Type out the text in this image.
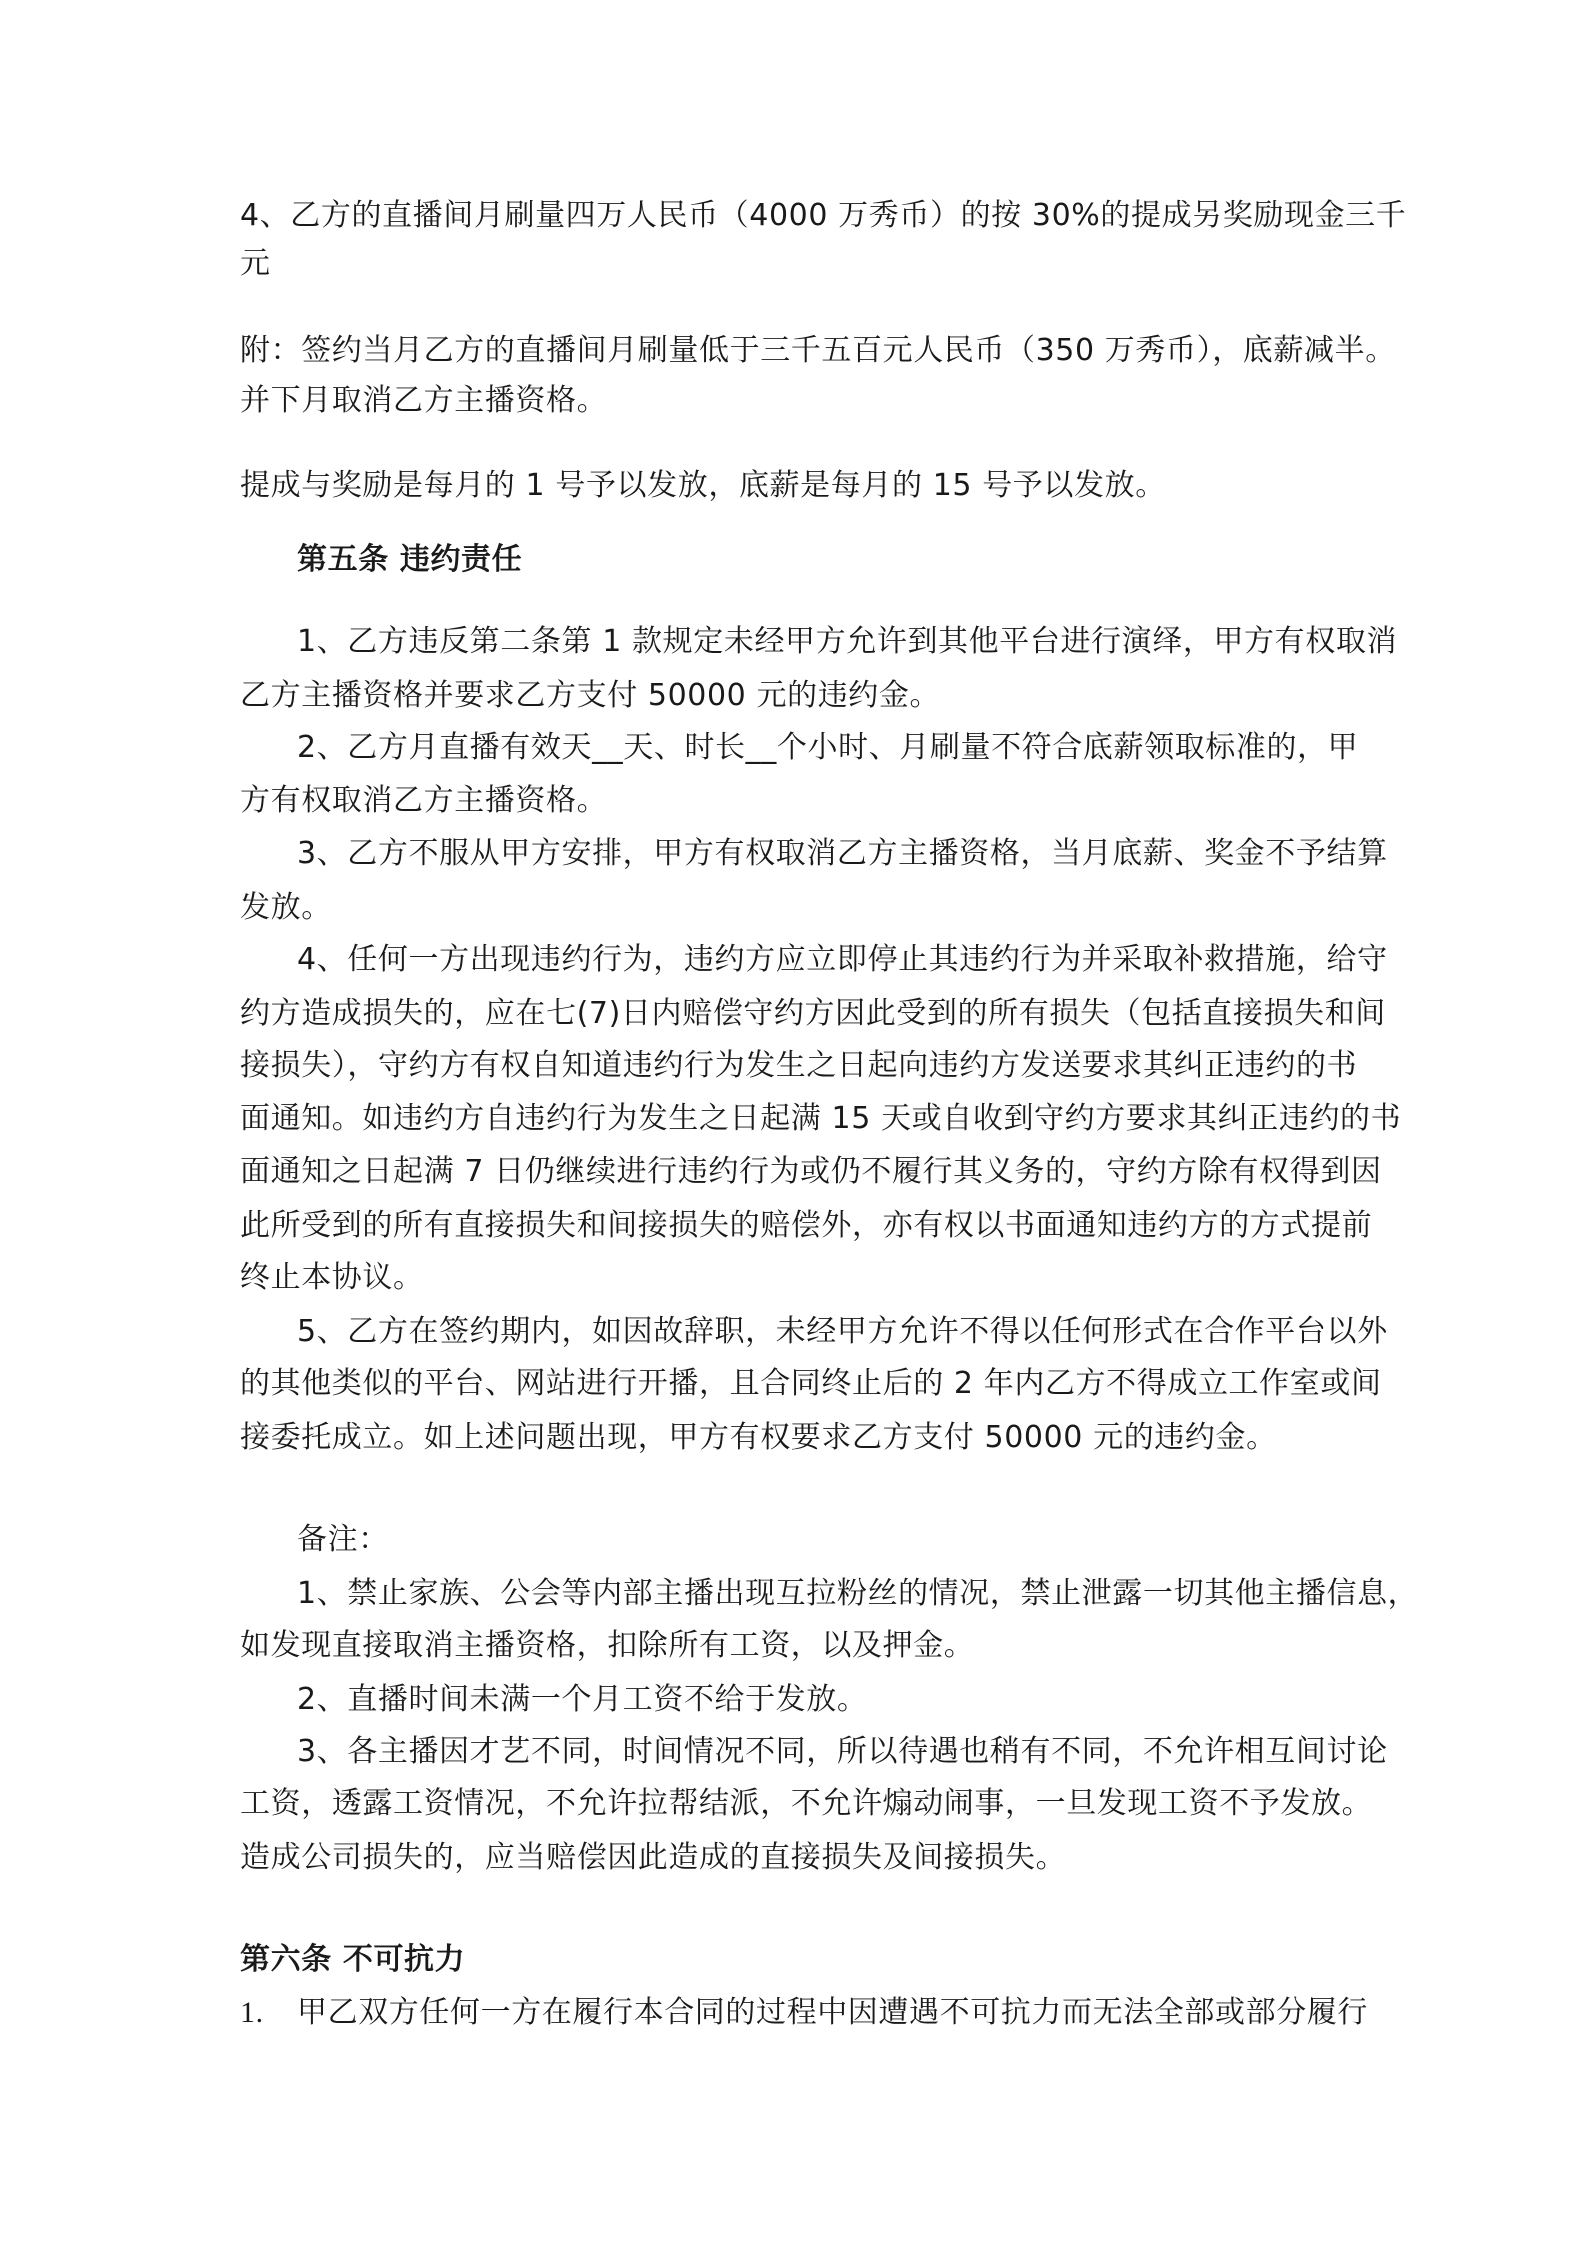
4、乙方的直播间月刷量四万人民币（4000 万秀币）的按 30%的提成另奖励现金三千
元
附：签约当月乙方的直播间月刷量低于三千五百元人民币（350 万秀币），底薪减半。
并下月取消乙方主播资格。
提成与奖励是每月的 1 号予以发放，底薪是每月的 15 号予以发放。
第五条 违约责任
1、乙方违反第二条第 1 款规定未经甲方允许到其他平台进行演绎，甲方有权取消
乙方主播资格并要求乙方支付 50000 元的违约金。
2、乙方月直播有效天__天、时长__个小时、月刷量不符合底薪领取标准的，甲
方有权取消乙方主播资格。
3、乙方不服从甲方安排，甲方有权取消乙方主播资格，当月底薪、奖金不予结算
发放。
4、任何一方出现违约行为，违约方应立即停止其违约行为并采取补救措施，给守
约方造成损失的，应在七(7)日内赔偿守约方因此受到的所有损失（包括直接损失和间
接损失），守约方有权自知道违约行为发生之日起向违约方发送要求其纠正违约的书
面通知。如违约方自违约行为发生之日起满 15 天或自收到守约方要求其纠正违约的书
面通知之日起满 7 日仍继续进行违约行为或仍不履行其义务的，守约方除有权得到因
此所受到的所有直接损失和间接损失的赔偿外，亦有权以书面通知违约方的方式提前
终止本协议。
5、乙方在签约期内，如因故辞职，未经甲方允许不得以任何形式在合作平台以外
的其他类似的平台、网站进行开播，且合同终止后的 2 年内乙方不得成立工作室或间
接委托成立。如上述问题出现，甲方有权要求乙方支付 50000 元的违约金。
备注：
1、禁止家族、公会等内部主播出现互拉粉丝的情况，禁止泄露一切其他主播信息，
如发现直接取消主播资格，扣除所有工资，以及押金。
2、直播时间未满一个月工资不给于发放。
3、各主播因才艺不同，时间情况不同，所以待遇也稍有不同，不允许相互间讨论
工资，透露工资情况，不允许拉帮结派，不允许煽动闹事，一旦发现工资不予发放。
造成公司损失的，应当赔偿因此造成的直接损失及间接损失。
第六条 不可抗力
1. 甲乙双方任何一方在履行本合同的过程中因遭遇不可抗力而无法全部或部分履行
